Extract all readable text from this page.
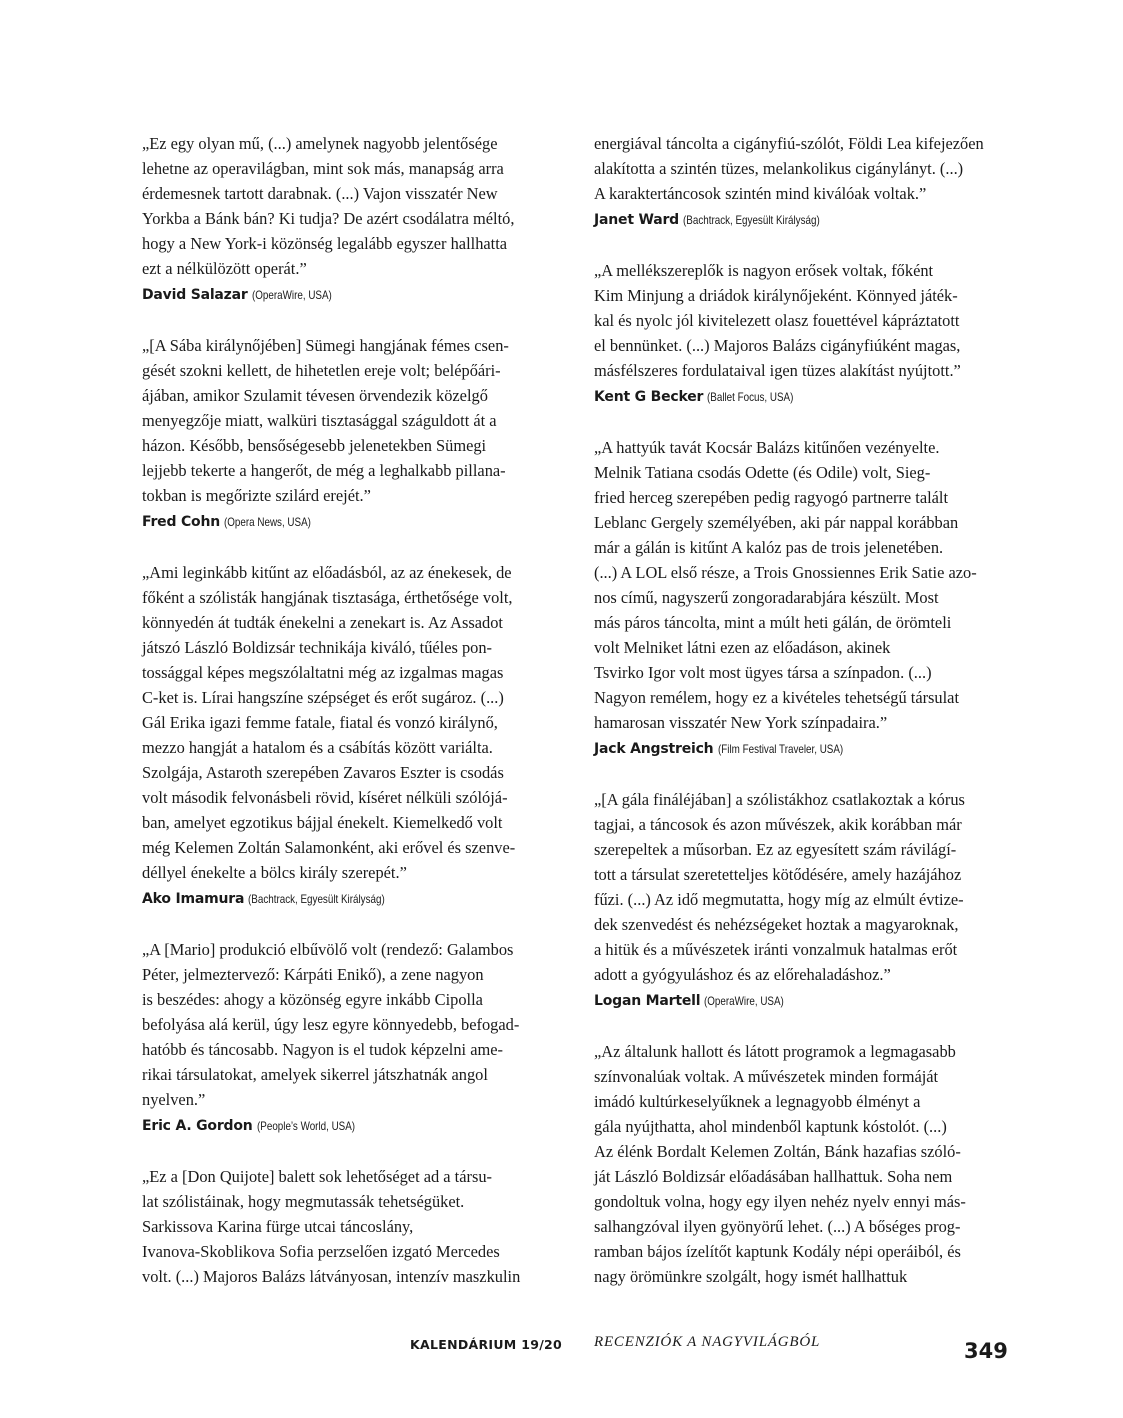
„Ez egy olyan mű, (...) amelynek nagyobb jelentősége
lehetne az operavilágban, mint sok más, manapság arra
érdemesnek tartott darabnak. (...) Vajon visszatér New
Yorkba a Bánk bán? Ki tudja? De azért csodálatra méltó,
hogy a New York-i közönség legalább egyszer hallhatta
ezt a nélkülözött operát.”

David Salazar (OperaWire, USA)

„[A Sába királynőjében] Sümegi hangjának fémes csen-
gését szokni kellett, de hihetetlen ereje volt; belépőári-
ájában, amikor Szulamit tévesen örvendezik közelgő
menyegzője miatt, walküri tisztasággal száguldott át a
házon. Később, bensőségesebb jelenetekben Sümegi
lejjebb tekerte a hangerőt, de még a leghalkabb pillana-
tokban is megőrizte szilárd erejét.”

Fred Cohn (Opera News, USA)

„Ami leginkább kitűnt az előadásból, az az énekesek, de
főként a szólisták hangjának tisztasága, érthetősége volt,
könnyedén át tudták énekelni a zenekart is. Az Assadot
játszó László Boldizsár technikája kiváló, tűéles pon-
tossággal képes megszólaltatni még az izgalmas magas
C-ket is. Lírai hangszíne szépséget és erőt sugároz. (...)
Gál Erika igazi femme fatale, fiatal és vonzó királynő,
mezzo hangját a hatalom és a csábítás között variálta.
Szolgája, Astaroth szerepében Zavaros Eszter is csodás
volt második felvonásbeli rövid, kíséret nélküli szólójá-
ban, amelyet egzotikus bájjal énekelt. Kiemelkedő volt
még Kelemen Zoltán Salamonként, aki erővel és szenve-
déllyel énekelte a bölcs király szerepét.”

Ako Imamura (Bachtrack, Egyesült Királyság)

„A [Mario] produkció elbűvölő volt (rendező: Galambos
Péter, jelmeztervező: Kárpáti Enikő), a zene nagyon
is beszédes: ahogy a közönség egyre inkább Cipolla
befolyása alá kerül, úgy lesz egyre könnyedebb, befogad-
hatóbb és táncosabb. Nagyon is el tudok képzelni ame-
rikai társulatokat, amelyek sikerrel játszhatnák angol
nyelven.”

Eric A. Gordon (People’s World, USA)

„Ez a [Don Quijote] balett sok lehetőséget ad a társu-
lat szólistáinak, hogy megmutassák tehetségüket.
Sarkissova Karina fürge utcai táncoslány,
Ivanova-Skoblikova Sofia perzselően izgató Mercedes
volt. (...) Majoros Balázs látványosan, intenzív maszkulin

energiával táncolta a cigányfiú-szólót, Földi Lea kifejezően
alakította a szintén tüzes, melankolikus cigánylányt. (...)
A karaktertáncosok szintén mind kiválóak voltak.”

Janet Ward (Bachtrack, Egyesült Királyság)

„A mellékszereplők is nagyon erősek voltak, főként
Kim Minjung a driádok királynőjeként. Könnyed játék-
kal és nyolc jól kivitelezett olasz fouettével kápráztatott
el bennünket. (...) Majoros Balázs cigányfiúként magas,
másfélszeres fordulataival igen tüzes alakítást nyújtott.”

Kent G Becker (Ballet Focus, USA)

„A hattyúk tavát Kocsár Balázs kitűnően vezényelte.
Melnik Tatiana csodás Odette (és Odile) volt, Sieg-
fried herceg szerepében pedig ragyogó partnerre talált
Leblanc Gergely személyében, aki pár nappal korábban
már a gálán is kitűnt A kalóz pas de trois jelenetében.
(...) A LOL első része, a Trois Gnossiennes Erik Satie azo-
nos című, nagyszerű zongoradarabjára készült. Most
más páros táncolta, mint a múlt heti gálán, de örömteli
volt Melniket látni ezen az előadáson, akinek
Tsvirko Igor volt most ügyes társa a színpadon. (...)
Nagyon remélem, hogy ez a kivételes tehetségű társulat
hamarosan visszatér New York színpadaira.”

Jack Angstreich (Film Festival Traveler, USA)

„[A gála fináléjában] a szólistákhoz csatlakoztak a kórus
tagjai, a táncosok és azon művészek, akik korábban már
szerepeltek a műsorban. Ez az egyesített szám rávilágí-
tott a társulat szeretetteljes kötődésére, amely hazájához
fűzi. (...) Az idő megmutatta, hogy míg az elmúlt évtize-
dek szenvedést és nehézségeket hoztak a magyaroknak,
a hitük és a művészetek iránti vonzalmuk hatalmas erőt
adott a gyógyuláshoz és az előrehaladáshoz.”

Logan Martell (OperaWire, USA)

„Az általunk hallott és látott programok a legmagasabb
színvonalúak voltak. A művészetek minden formáját
imádó kultúrkeselyűknek a legnagyobb élményt a
gála nyújthatta, ahol mindenből kaptunk kóstolót. (...)
Az élénk Bordalt Kelemen Zoltán, Bánk hazafias szóló-
ját László Boldizsár előadásában hallhattuk. Soha nem
gondoltuk volna, hogy egy ilyen nehéz nyelv ennyi más-
salhangzóval ilyen gyönyörű lehet. (...) A bőséges prog-
ramban bájos ízelítőt kaptunk Kodály népi operáiból, és
nagy örömünkre szolgált, hogy ismét hallhattuk

KALENDÁRIUM 19/20 RECENZIÓK A NAGYVILÁGBÓL	349
